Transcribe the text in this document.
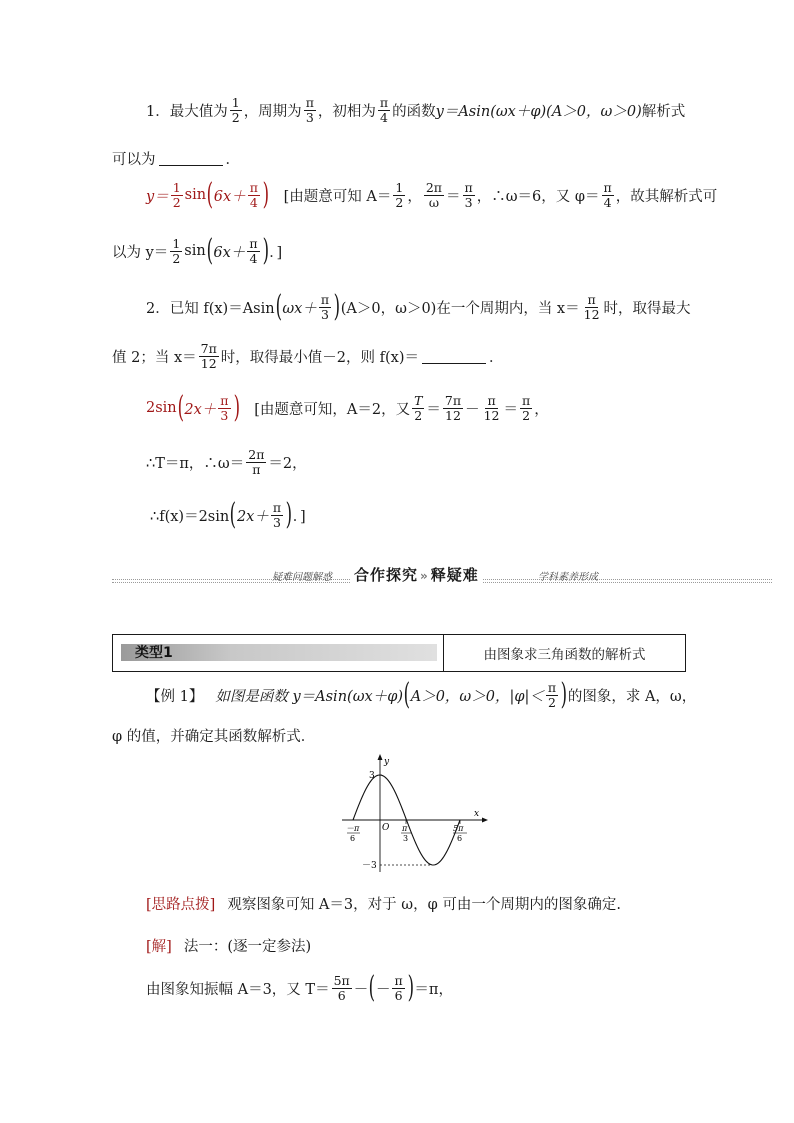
1．最大值为 $\frac{1}{2}$ ，周期为 $\frac{\pi}{3}$ ，初相为 $\frac{\pi}{4}$ 的函数 y＝Asin(ωx＋φ)(A＞0，ω＞0) 解析式
可以为	．
$y= \frac{1}{2}$ sin ( $6x+ \frac{\pi}{4}$ ) [由题意可知 $A= \frac{1}{2}$ ， $\frac{2\pi}{\omega} = \frac{\pi}{3}$ ，∴ω＝6，又 $\varphi= \frac{\pi}{4}$ ，故其解析式可
以为 $y= \frac{1}{2}$ sin ( $6x+ \frac{\pi}{4}$ ) ．]
2．已知 f(x)＝Asin ( $\omega x+ \frac{\pi}{3}$ ) (A＞0，ω＞0)在一个周期内，当 $x= \frac{\pi}{12}$ 时，取得最大
值 2；当 $x= \frac{7\pi}{12}$ 时，取得最小值－2，则 f(x)＝	．
2sin ( $2x+ \frac{\pi}{3}$ ) [由题意可知，A＝2，又 $\frac{T}{2} = \frac{7\pi}{12} - \frac{\pi}{12} = \frac{\pi}{2}$ ，
∴T＝π，∴ω＝ $\frac{2\pi}{\pi} =2$，
∴f(x)＝2sin ( $2x+ \frac{\pi}{3}$ ) ．]
疑难问题解惑 合作探究 » 释疑难	学科素养形成
类型1	由图象求三角函数的解析式
【例 1】 如图是函数 y＝Asin(ωx＋φ) ( A＞0，ω＞0，$|\varphi|< \frac{\pi}{2}$ ) 的图象，求 A，ω，
φ 的值，并确定其函数解析式．
y
x
O
3
－3
－π
6
π
3
5π
6
[思路点拨] 观察图象可知 A＝3，对于 ω，φ 可由一个周期内的图象确定.
[解] 法一：(逐一定参法)
由图象知振幅 A＝3，又 $T= \frac{5\pi}{6}$ － ( － $\frac{\pi}{6}$ ) ＝π，
